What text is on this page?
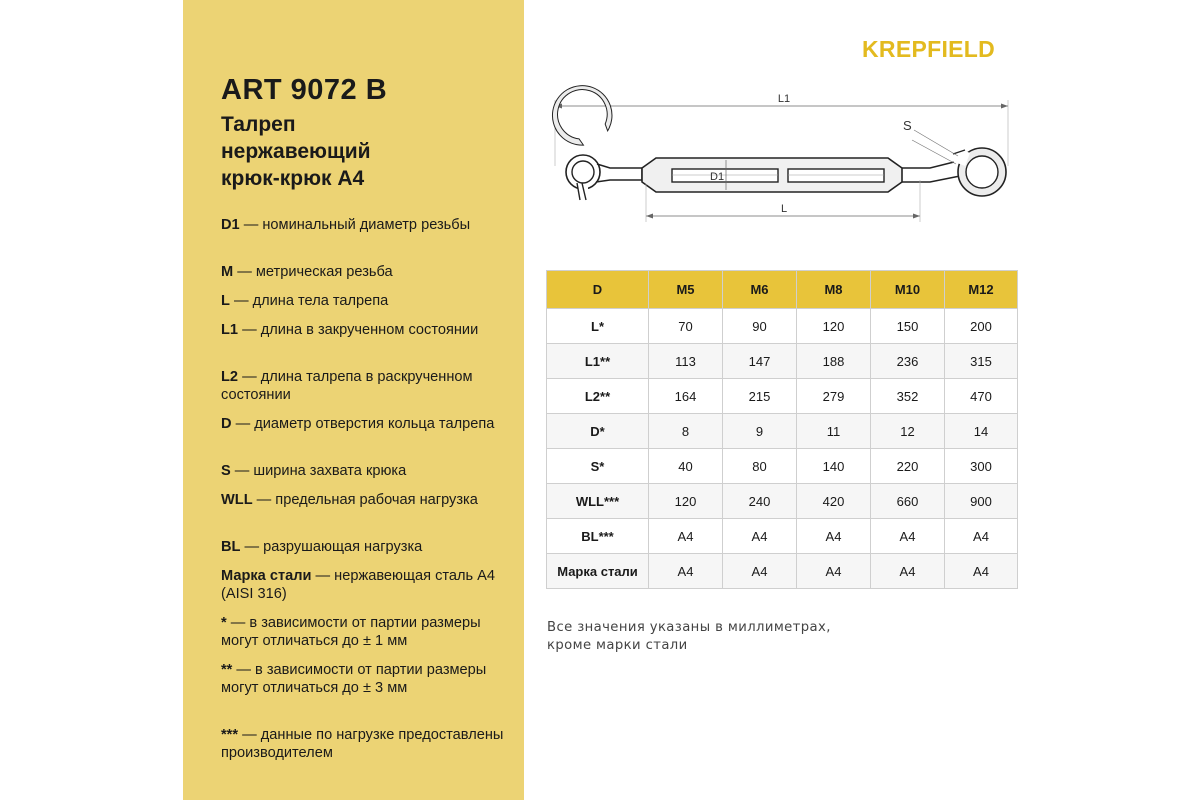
ART 9072 B
Талреп
нержавеющий
крюк-крюк А4
D1 — номинальный диаметр резьбы
M — метрическая резьба
L — длина тела талрепа
L1 — длина в закрученном состоянии
L2 — длина талрепа в раскрученном состоянии
D — диаметр отверстия кольца талрепа
S — ширина захвата крюка
WLL — предельная рабочая нагрузка
BL — разрушающая нагрузка
Марка стали — нержавеющая сталь А4 (AISI 316)
* — в зависимости от партии размеры могут отличаться до ± 1 мм
** — в зависимости от партии размеры могут отличаться до ± 3 мм
*** — данные по нагрузке предоставлены производителем
KREPFIELD
L1
D1
S
L
D	M5	M6	M8	M10	M12
L*	70	90	120	150	200
L1**	113	147	188	236	315
L2**	164	215	279	352	470
D*	8	9	11	12	14
S*	40	80	140	220	300
WLL***	120	240	420	660	900
BL***	A4	A4	A4	A4	A4
Марка стали	A4	A4	A4	A4	A4
Все значения указаны в миллиметрах,
кроме марки стали
